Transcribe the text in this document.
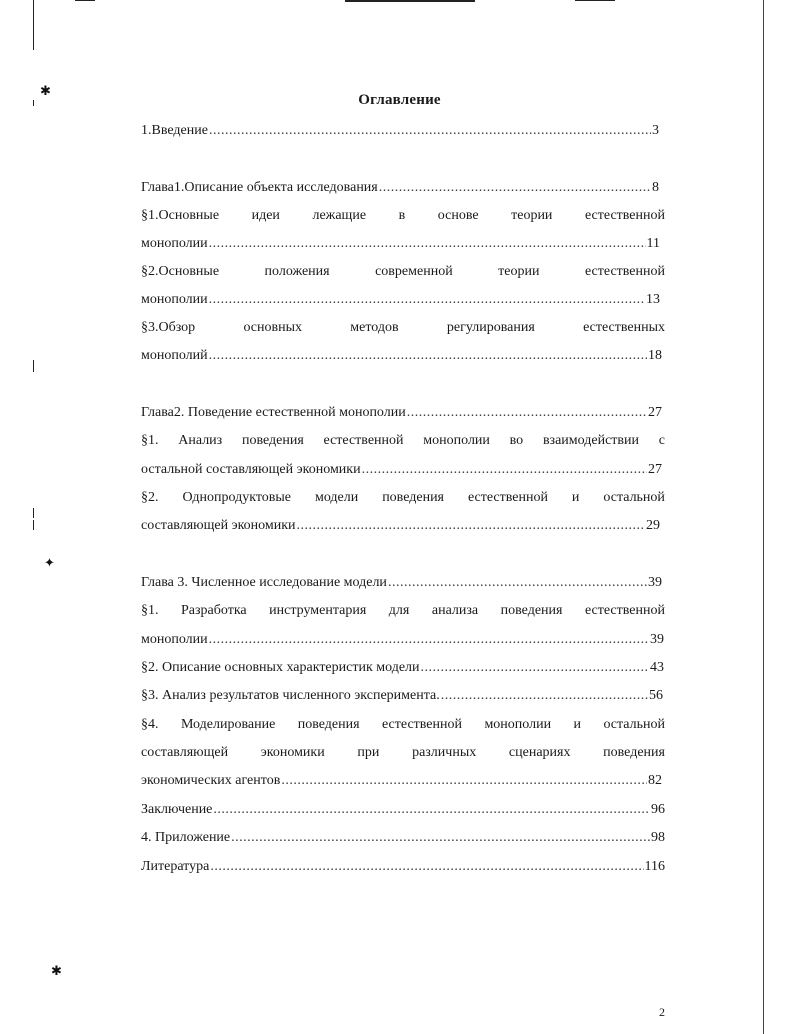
✱
✦
✱
Оглавление
1.Введение .....	3
Глава1.Описание объекта исследования .....	8
§1.Основные идеи лежащие в основе теории естественной
монополии .....	11
§2.Основные	положения	современной	теории	естественной
монополии .....	13
§3.Обзор	основных	методов	регулирования	естественных
монополий .....	18
Глава2. Поведение естественной монополии .....	27
§1. Анализ поведения естественной монополии во взаимодействии с
остальной составляющей экономики .....	27
§2. Однопродуктовые модели поведения естественной и остальной
составляющей экономики .....	29
Глава 3. Численное исследование модели .....	39
§1. Разработка инструментария для анализа поведения естественной
монополии .....	39
§2. Описание основных характеристик модели .....	43
§3. Анализ результатов численного эксперимента. .....	56
§4. Моделирование поведения естественной монополии и остальной
составляющей экономики при различных сценариях поведения
экономических агентов .....	82
Заключение .....	96
4. Приложение .....	98
Литература .....	116
2
